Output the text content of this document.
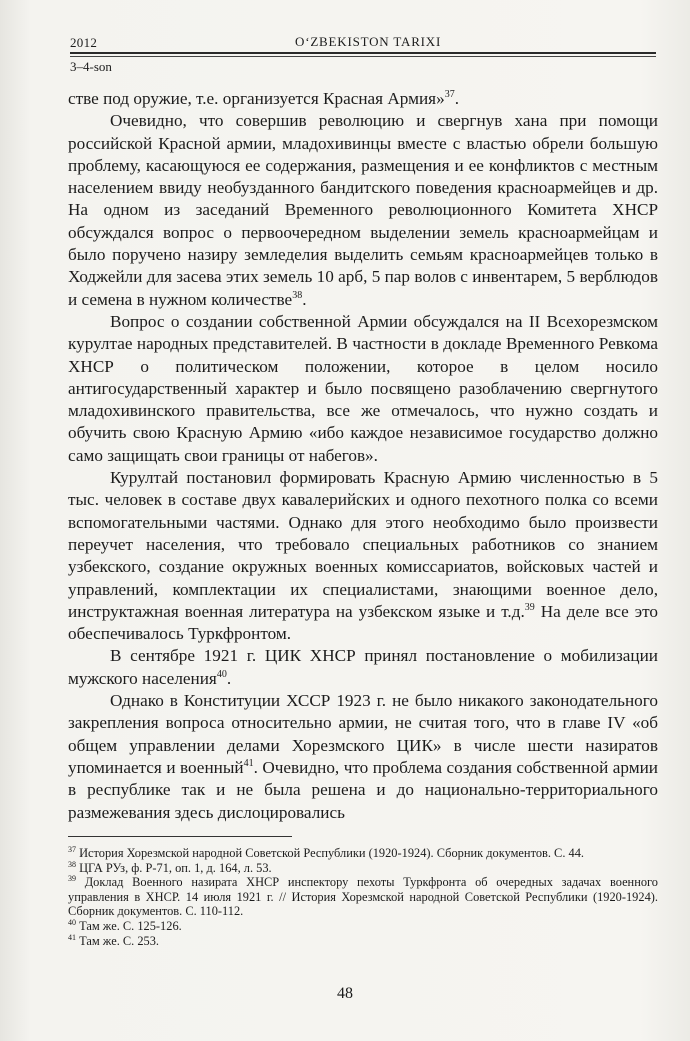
2012	O‘ZBEKISTON TARIXI
3–4-son

стве под оружие, т.е. организуется Красная Армия»$^{37}$.

Очевидно, что совершив революцию и свергнув хана при помощи российской Красной армии, младохивинцы вместе с властью обрели большую проблему, касающуюся ее содержания, размещения и ее конфликтов с местным населением ввиду необузданного бандитского поведения красноармейцев и др. На одном из заседаний Временного революционного Комитета ХНСР обсуждался вопрос о первоочередном выделении земель красноармейцам и было поручено назиру земледелия выделить семьям красноармейцев только в Ходжейли для засева этих земель 10 арб, 5 пар волов с инвентарем, 5 верблюдов и семена в нужном количестве$^{38}$.

Вопрос о создании собственной Армии обсуждался на II Всехорезмском курултае народных представителей. В частности в докладе Временного Ревкома ХНСР о политическом положении, которое в целом носило антигосударственный характер и было посвящено разоблачению свергнутого младохивинского правительства, все же отмечалось, что нужно создать и обучить свою Красную Армию «ибо каждое независимое государство должно само защищать свои границы от набегов».

Курултай постановил формировать Красную Армию численностью в 5 тыс. человек в составе двух кавалерийских и одного пехотного полка со всеми вспомогательными частями. Однако для этого необходимо было произвести переучет населения, что требовало специальных работников со знанием узбекского, создание окружных военных комиссариатов, войсковых частей и управлений, комплектации их специалистами, знающими военное дело, инструктажная военная литература на узбекском языке и т.д.$^{39}$ На деле все это обеспечивалось Туркфронтом.

В сентябре 1921 г. ЦИК ХНСР принял постановление о мобилизации мужского населения$^{40}$.

Однако в Конституции ХССР 1923 г. не было никакого законодательного закрепления вопроса относительно армии, не считая того, что в главе IV «об общем управлении делами Хорезмского ЦИК» в числе шести назиратов упоминается и военный$^{41}$. Очевидно, что проблема создания собственной армии в республике так и не была решена и до национально-территориального размежевания здесь дислоцировались

$^{37}$ История Хорезмской народной Советской Республики (1920-1924). Сборник документов. С. 44.

$^{38}$ ЦГА РУз, ф. Р-71, оп. 1, д. 164, л. 53.

$^{39}$ Доклад Военного назирата ХНСР инспектору пехоты Туркфронта об очередных задачах военного управления в ХНСР. 14 июля 1921 г. // История Хорезмской народной Советской Республики (1920-1924). Сборник документов. С. 110-112.

$^{40}$ Там же. С. 125-126.

$^{41}$ Там же. С. 253.

48
